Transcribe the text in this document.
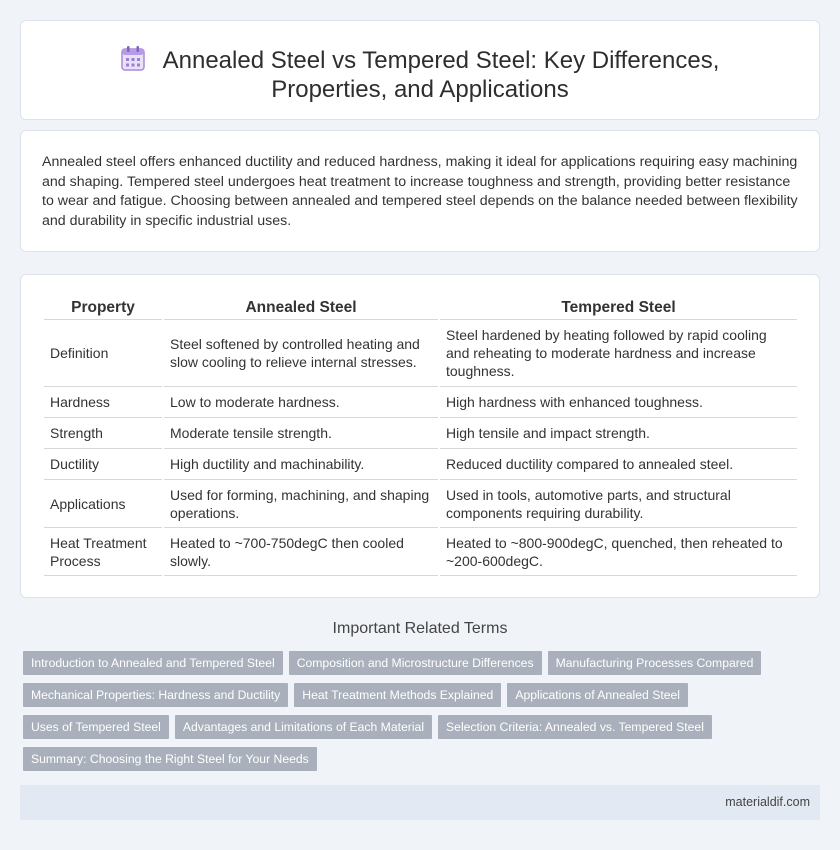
Annealed Steel vs Tempered Steel: Key Differences, Properties, and Applications

Annealed steel offers enhanced ductility and reduced hardness, making it ideal for applications requiring easy machining and shaping. Tempered steel undergoes heat treatment to increase toughness and strength, providing better resistance to wear and fatigue. Choosing between annealed and tempered steel depends on the balance needed between flexibility and durability in specific industrial uses.

Property	Annealed Steel	Tempered Steel
Definition	Steel softened by controlled heating and slow cooling to relieve internal stresses.	Steel hardened by heating followed by rapid cooling and reheating to moderate hardness and increase toughness.
Hardness	Low to moderate hardness.	High hardness with enhanced toughness.
Strength	Moderate tensile strength.	High tensile and impact strength.
Ductility	High ductility and machinability.	Reduced ductility compared to annealed steel.
Applications	Used for forming, machining, and shaping operations.	Used in tools, automotive parts, and structural components requiring durability.
Heat Treatment Process	Heated to ~700-750degC then cooled slowly.	Heated to ~800-900degC, quenched, then reheated to ~200-600degC.
Important Related Terms
Introduction to Annealed and Tempered Steel	Composition and Microstructure Differences	Manufacturing Processes Compared
Mechanical Properties: Hardness and Ductility	Heat Treatment Methods Explained	Applications of Annealed Steel
Uses of Tempered Steel	Advantages and Limitations of Each Material	Selection Criteria: Annealed vs. Tempered Steel
Summary: Choosing the Right Steel for Your Needs
materialdif.com
